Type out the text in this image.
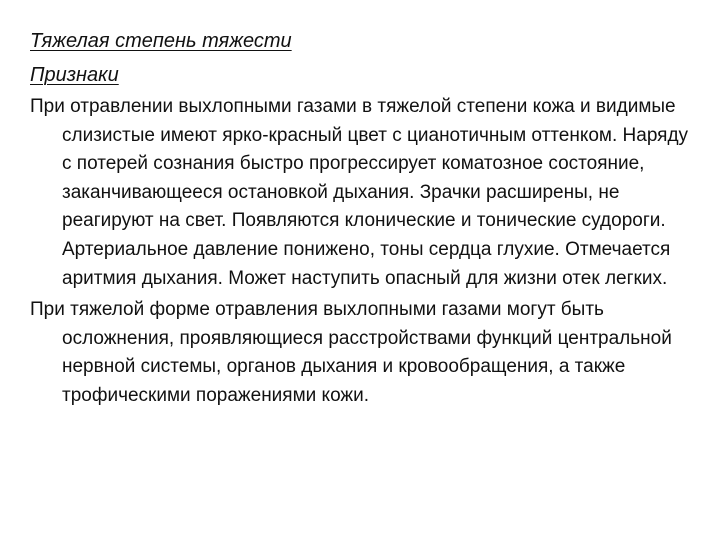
Тяжелая степень тяжести

Признаки

При отравлении выхлопными газами в тяжелой степени кожа и видимые слизистые имеют ярко-красный цвет с цианотичным оттенком. Наряду с потерей сознания быстро прогрессирует коматозное состояние, заканчивающееся остановкой дыхания. Зрачки расширены, не реагируют на свет. Появляются клонические и тонические судороги. Артериальное давление понижено, тоны сердца глухие. Отмечается аритмия дыхания. Может наступить опасный для жизни отек легких.

При тяжелой форме отравления выхлопными газами могут быть осложнения, проявляющиеся расстройствами функций центральной нервной системы, органов дыхания и кровообращения, а также трофическими поражениями кожи.
